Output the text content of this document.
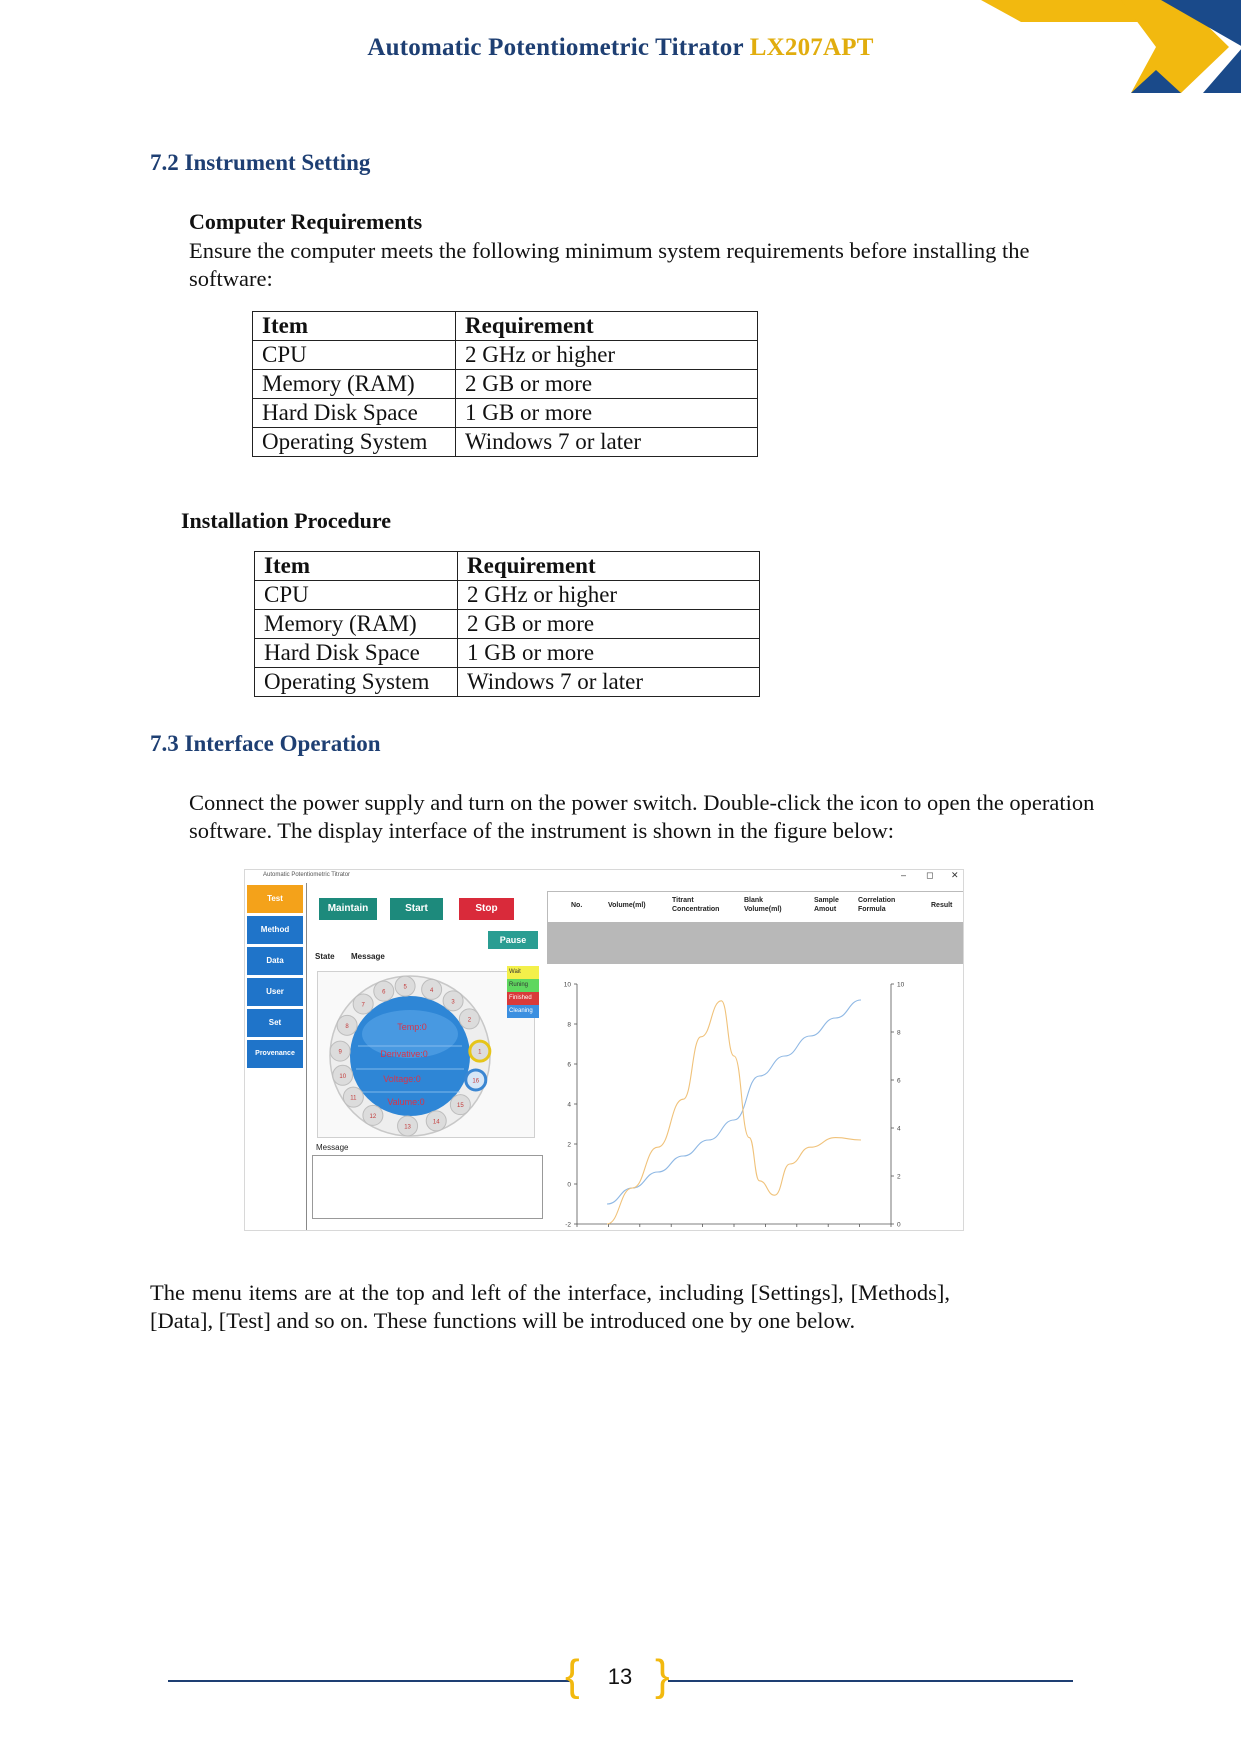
Automatic Potentiometric Titrator LX207APT
7.2 Instrument Setting

Computer Requirements

Ensure the computer meets the following minimum system requirements before installing the software:

Item	Requirement
CPU	2 GHz or higher
Memory (RAM)	2 GB or more
Hard Disk Space	1 GB or more
Operating System	Windows 7 or later

Installation Procedure

Item	Requirement
CPU	2 GHz or higher
Memory (RAM)	2 GB or more
Hard Disk Space	1 GB or more
Operating System	Windows 7 or later
7.3 Interface Operation

Connect the power supply and turn on the power switch. Double-click the icon to open the operation software. The display interface of the instrument is shown in the figure below:

Automatic Potentiometric Titrator	– ◻ ✕
Test
Method
Data
User
Set
Provenance
Maintain	Start	Stop
Pause
State Message
1
2
3
4
5
6
7
8
9
10
11
12
13
14
15
16
Temp:0
Derivative:0
Voltage:0
Valume:0
Wait
Runing
Finished
Cleaning
Message
No.	Volume(ml)
Titrant Concentration
Blank Volume(ml)
Sample Amout
Correlation Formula
Result
-2
0
2
4
6
8
10
0
2
4
6
8
10

The menu items are at the top and left of the interface, including [Settings], [Methods], [Data], [Test] and so on. These functions will be introduced one by one below.

{ }
13
